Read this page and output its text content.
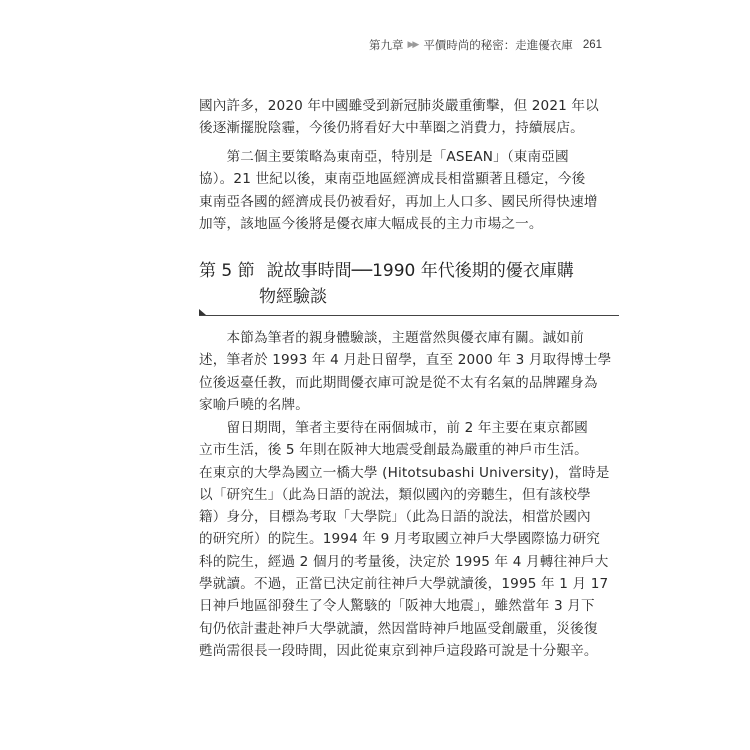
第九章 ▶▶ 平價時尚的秘密：走進優衣庫 261
國內許多，2020 年中國雖受到新冠肺炎嚴重衝擊，但 2021 年以
後逐漸擺脫陰霾，今後仍將看好大中華圈之消費力，持續展店。
　　第二個主要策略為東南亞，特別是「ASEAN」（東南亞國
協）。21 世紀以後，東南亞地區經濟成長相當顯著且穩定，今後
東南亞各國的經濟成長仍被看好，再加上人口多、國民所得快速增
加等，該地區今後將是優衣庫大幅成長的主力市場之一。
第 5 節 說故事時間──1990 年代後期的優衣庫購
物經驗談
　　本節為筆者的親身體驗談，主題當然與優衣庫有關。誠如前
述，筆者於 1993 年 4 月赴日留學，直至 2000 年 3 月取得博士學
位後返臺任教，而此期間優衣庫可說是從不太有名氣的品牌躍身為
家喻戶曉的名牌。
　　留日期間，筆者主要待在兩個城市，前 2 年主要在東京都國
立市生活，後 5 年則在阪神大地震受創最為嚴重的神戶市生活。
在東京的大學為國立一橋大學 (Hitotsubashi University)，當時是
以「研究生」（此為日語的說法，類似國內的旁聽生，但有該校學
籍）身分，目標為考取「大學院」（此為日語的說法，相當於國內
的研究所）的院生。1994 年 9 月考取國立神戶大學國際協力研究
科的院生，經過 2 個月的考量後，決定於 1995 年 4 月轉往神戶大
學就讀。不過，正當已決定前往神戶大學就讀後，1995 年 1 月 17
日神戶地區卻發生了令人驚駭的「阪神大地震」，雖然當年 3 月下
旬仍依計畫赴神戶大學就讀，然因當時神戶地區受創嚴重，災後復
甦尚需很長一段時間，因此從東京到神戶這段路可說是十分艱辛。
